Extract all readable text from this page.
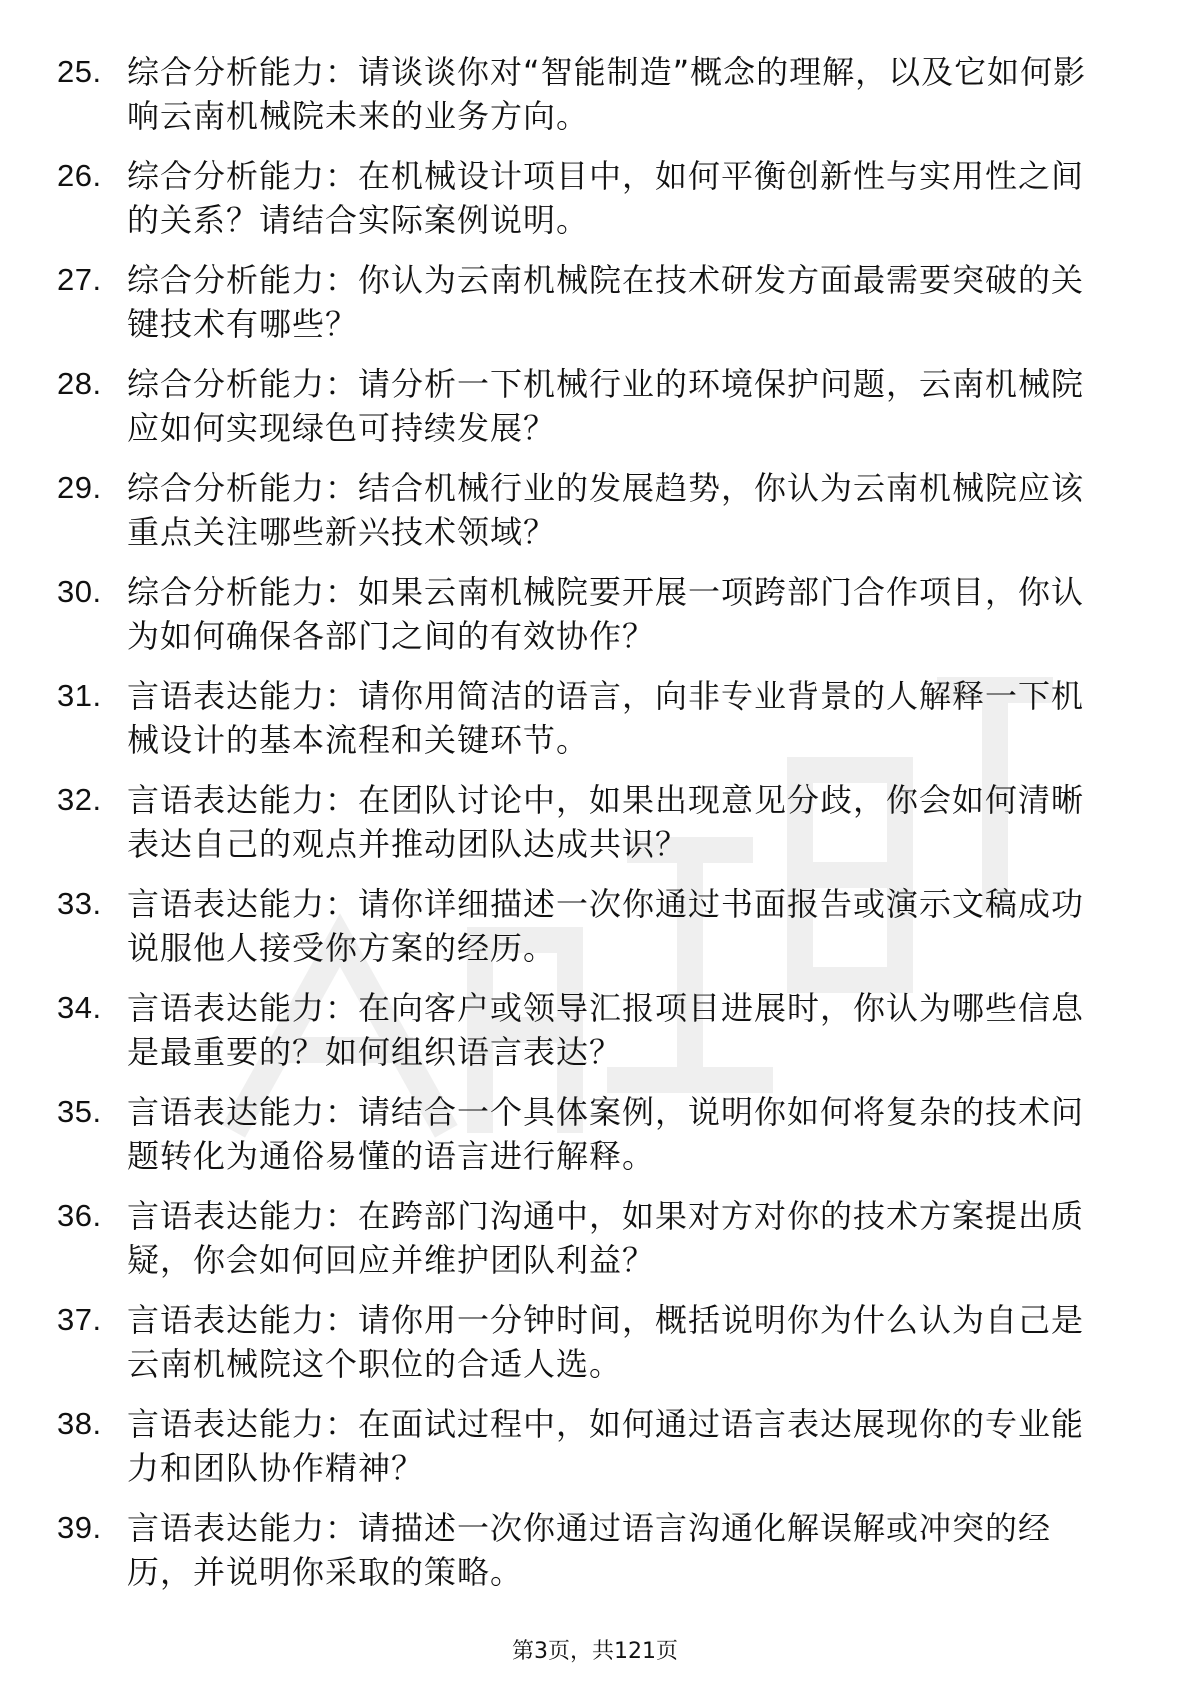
25. 综合分析能力：请谈谈你对“智能制造”概念的理解，以及它如何影响云南机械院未来的业务方向。
26. 综合分析能力：在机械设计项目中，如何平衡创新性与实用性之间的关系？请结合实际案例说明。
27. 综合分析能力：你认为云南机械院在技术研发方面最需要突破的关键技术有哪些？
28. 综合分析能力：请分析一下机械行业的环境保护问题，云南机械院应如何实现绿色可持续发展？
29. 综合分析能力：结合机械行业的发展趋势，你认为云南机械院应该重点关注哪些新兴技术领域？
30. 综合分析能力：如果云南机械院要开展一项跨部门合作项目，你认为如何确保各部门之间的有效协作？
31. 言语表达能力：请你用简洁的语言，向非专业背景的人解释一下机械设计的基本流程和关键环节。
32. 言语表达能力：在团队讨论中，如果出现意见分歧，你会如何清晰表达自己的观点并推动团队达成共识？
33. 言语表达能力：请你详细描述一次你通过书面报告或演示文稿成功说服他人接受你方案的经历。
34. 言语表达能力：在向客户或领导汇报项目进展时，你认为哪些信息是最重要的？如何组织语言表达？
35. 言语表达能力：请结合一个具体案例，说明你如何将复杂的技术问题转化为通俗易懂的语言进行解释。
36. 言语表达能力：在跨部门沟通中，如果对方对你的技术方案提出质疑，你会如何回应并维护团队利益？
37. 言语表达能力：请你用一分钟时间，概括说明你为什么认为自己是云南机械院这个职位的合适人选。
38. 言语表达能力：在面试过程中，如何通过语言表达展现你的专业能力和团队协作精神？
39. 言语表达能力：请描述一次你通过语言沟通化解误解或冲突的经历，并说明你采取的策略。
第3页，共121页
